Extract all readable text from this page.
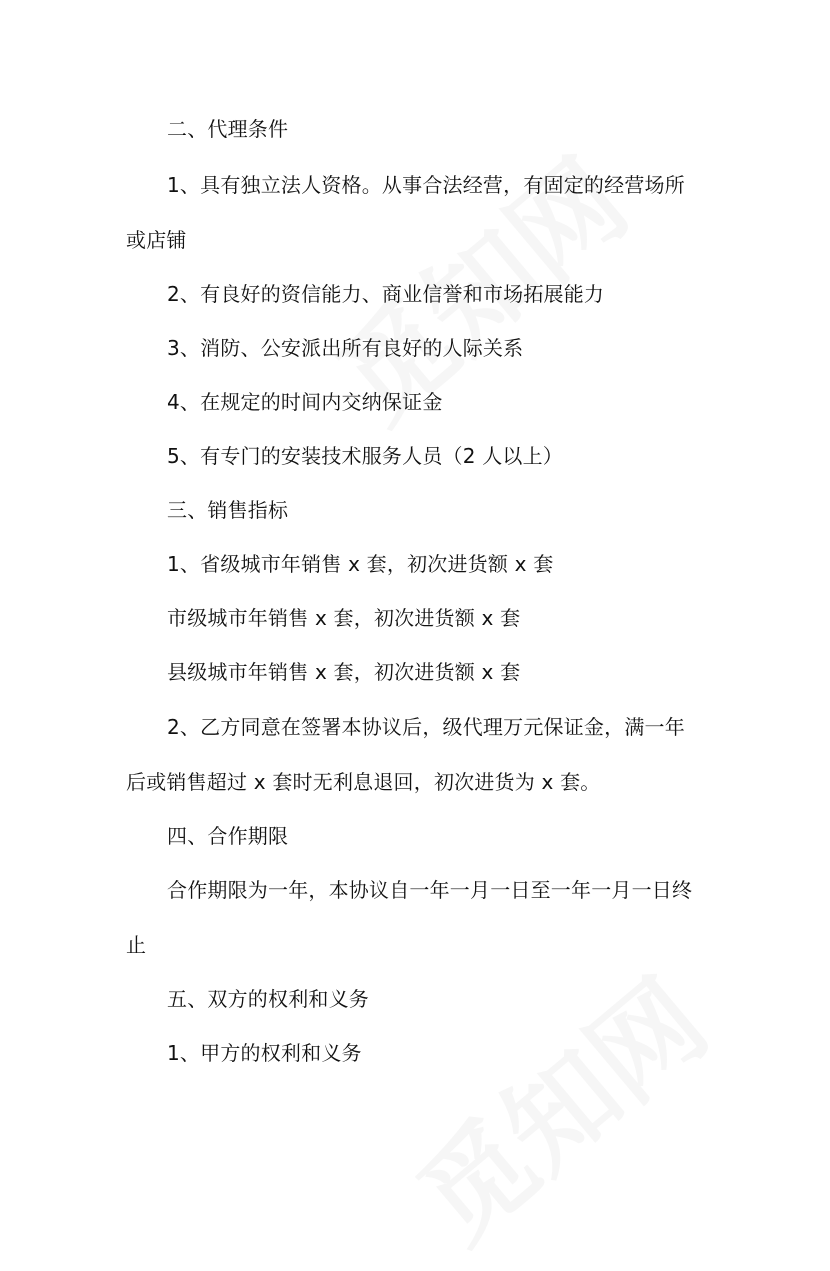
二、代理条件
1、具有独立法人资格。从事合法经营，有固定的经营场所
或店铺
2、有良好的资信能力、商业信誉和市场拓展能力
3、消防、公安派出所有良好的人际关系
4、在规定的时间内交纳保证金
5、有专门的安装技术服务人员（2 人以上）
三、销售指标
1、省级城市年销售 x 套，初次进货额 x 套
市级城市年销售 x 套，初次进货额 x 套
县级城市年销售 x 套，初次进货额 x 套
2、乙方同意在签署本协议后，级代理万元保证金，满一年
后或销售超过 x 套时无利息退回，初次进货为 x 套。
四、合作期限
合作期限为一年，本协议自一年一月一日至一年一月一日终
止
五、双方的权利和义务
1、甲方的权利和义务
